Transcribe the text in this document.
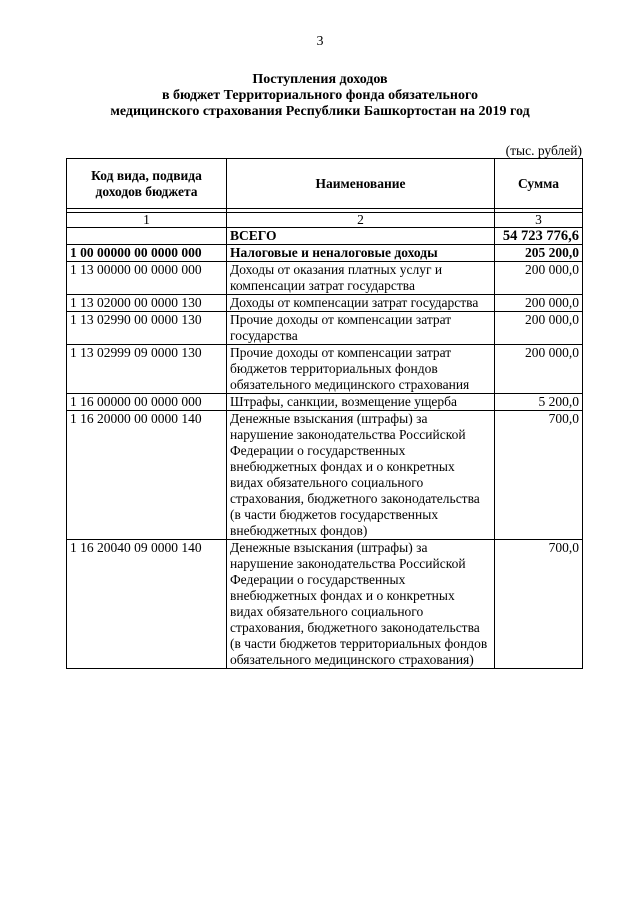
3
Поступления доходов
в бюджет Территориального фонда обязательного
медицинского страхования Республики Башкортостан на 2019 год
(тыс. рублей)
Код вида, подвида
доходов бюджета	Наименование	Сумма

1	2	3
	ВСЕГО	54 723 776,6
1 00 00000 00 0000 000	Налоговые и неналоговые доходы	205 200,0
1 13 00000 00 0000 000	Доходы от оказания платных услуг и компенсации затрат государства	200 000,0
1 13 02000 00 0000 130	Доходы от компенсации затрат государства	200 000,0
1 13 02990 00 0000 130	Прочие доходы от компенсации затрат государства	200 000,0
1 13 02999 09 0000 130	Прочие доходы от компенсации затрат бюджетов территориальных фондов обязательного медицинского страхования	200 000,0
1 16 00000 00 0000 000	Штрафы, санкции, возмещение ущерба	5 200,0
1 16 20000 00 0000 140	Денежные взыскания (штрафы) за нарушение законодательства Российской Федерации о государственных внебюджетных фондах и о конкретных видах обязательного социального страхования, бюджетного законодательства (в части бюджетов государственных внебюджетных фондов)	700,0
1 16 20040 09 0000 140	Денежные взыскания (штрафы) за нарушение законодательства Российской Федерации о государственных внебюджетных фондах и о конкретных видах обязательного социального страхования, бюджетного законодательства (в части бюджетов территориальных фондов обязательного медицинского страхования)	700,0
